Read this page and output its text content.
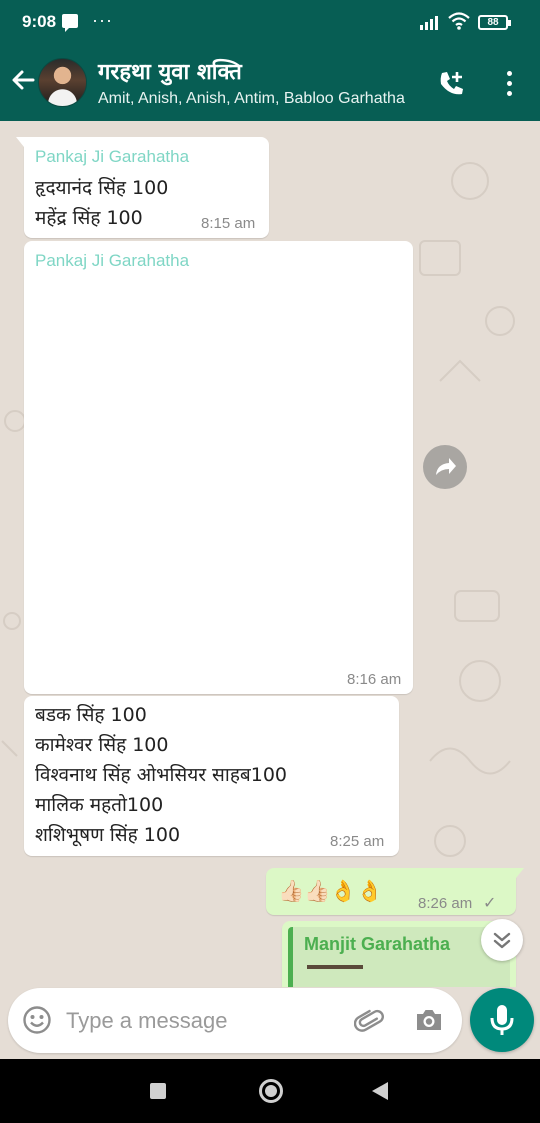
9:08 ···	88
गरहथा युवा शक्ति
Amit, Anish, Anish, Antim, Babloo Garhatha
Pankaj Ji Garahatha
हृदयानंद सिंह 100
महेंद्र सिंह 100	8:15 am
Pankaj Ji Garahatha
8:16 am
बडक सिंह 100
कामेश्वर सिंह 100
विश्वनाथ सिंह ओभसियर साहब100
मालिक महतो100
शशिभूषण सिंह 100	8:25 am
👍🏻👍🏻👌👌
8:26 am ✓
Manjit Garahatha
Type a message
